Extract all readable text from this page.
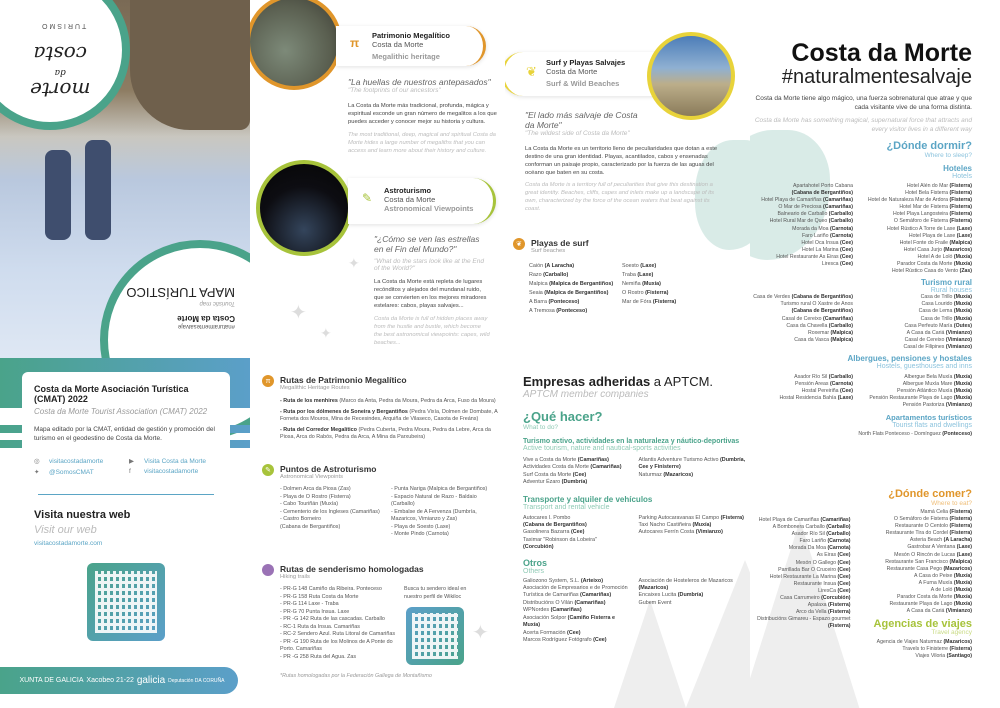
TURISMO
morte
da
costa
#naturalmentesalvaje
Costa da Morte
Touristic map
MAPA TURÍSTICO
Costa da Morte Asociación Turística (CMAT) 2022
Costa da Morte Tourist Association (CMAT) 2022

Mapa editado por la CMAT, entidad de gestión y promoción del turismo en el geodestino de Costa da Morte.

◎ visitacostadamorte	▶ Visita Costa da Morte
✦ @SomosCMAT	f visitacostadamorte
Visita nuestra web
Visit our web
visitacostadamorte.com
XUNTA DE GALICIA Xacobeo 21-22 galicia Deputación DA CORUÑA
π
Patrimonio Megalítico
Costa da Morte
Megalithic heritage
"La huellas de nuestros antepasados"
"The footprints of our ancestors"
La Costa da Morte más tradicional, profunda, mágica y espiritual esconde un gran número de megalitos a los que puedes acceder y conocer mejor su historia y cultura.
The most traditional, deep, magical and spiritual Costa da Morte hides a large number of megaliths that you can access and learn more about their history and culture.
✎
Astroturismo
Costa da Morte
Astronomical Viewpoints
"¿Cómo se ven las estrellas en el Fin del Mundo?"
"What do the stars look like at the End of the World?"
La Costa da Morte está repleta de lugares recónditos y alejados del mundanal ruido, que se convierten en los mejores miradores estelares: cabos, playas salvajes...
Costa da Morte is full of hidden places away from the hustle and bustle, which become the best astronomical viewpoints: capes, wild beaches...
✦
✦
✦
✦
π	Rutas de Patrimonio Megalítico
Megalithic Heritage Routes
- Ruta de los menhires (Marco da Anta, Pedra da Moura, Pedra da Arca, Fuso da Moura)
- Ruta por los dólmenes de Soneira y Bergantiños (Pedra Vixía, Dolmen de Dombate, A Forneta dos Mouros, Mina de Recesindes, Arquiña de Vilaseco, Casota de Freáns)
- Ruta del Corredor Megalítico (Pedra Cuberta, Pedra Moura, Pedra da Lebre, Arca da Piosa, Arca do Rabós, Pedra da Arca, A Mina da Parxubeira)
✎	Puntos de Astroturismo
Astronomical Viewpoints
- Dolmen Arca da Piosa (Zas)
- Playa de O Rostro (Fisterra)
- Cabo Touriñán (Muxía)
- Cementerio de los Ingleses (Camariñas)
- Castro Borneiro
(Cabana de Bergantiños)
- Punta Nariga (Malpica de Bergantiños)
- Espacio Natural de Razo - Baldaio (Carballo)
- Embalse de A Fervenza (Dumbría, Mazaricos, Vimianzo y Zas)
- Playa de Soesto (Laxe)
- Monte Pindo (Carnota)
Rutas de senderismo homologadas
Hiking trails
- PR-G 148 Camiño da Ribeira. Ponteceso
- PR-G 158 Ruta Costa da Morte
- PR-G 114 Laxe - Traba
- PR-G 70 Punta Insua. Laxe
- PR -G 142 Ruta de las cascadas. Carballo
- RC-1 Ruta da Insua. Camariñas
- RC-2 Sendero Azul. Ruta Litoral de Camariñas
- PR -G 190 Ruta de los Molinos de A Ponte do Porto. Camariñas
- PR -G 258 Ruta del Agua. Zas
Busca tu sendero ideal en nuestro perfil de Wikiloc
*Rutas homologadas por la Federación Gallega de Montañismo
❦
Surf y Playas Salvajes
Costa da Morte
Surf & Wild Beaches
"El lado más salvaje de Costa da Morte"
"The wildest side of Costa da Morte"
La Costa da Morte es un territorio lleno de peculiaridades que dotan a este destino de una gran identidad. Playas, acantilados, cabos y ensenadas conforman un paisaje propio, caracterizado por la fuerza de las aguas del océano que baten en su costa.
Costa da Morte is a territory full of peculiarities that give this destination a great identity. Beaches, cliffs, capes and inlets make up a landscape of its own, characterized by the force of the ocean waters that beat against its coast.
❦	Playas de surf
Surf beaches
Caión (A Laracha)
Razo (Carballo)
Malpica (Malpica de Bergantiños)
Seaia (Malpica de Bergantiños)
A Barra (Ponteceso)
A Tremosa (Ponteceso)
Soesto (Laxe)
Traba (Laxe)
Nemiña (Muxía)
O Rostro (Fisterra)
Mar de Fóra (Fisterra)
Empresas adheridas a APTCM.
APTCM member companies
¿Qué hacer?
What to do?
Turismo activo, actividades en la naturaleza y náutico-deportivas
Active tourism, nature and nautical-sports activities
Vive a Costa da Morte (Camariñas)
Actividades Costa da Morte (Camariñas)
Surf Costa da Morte (Cee)
Adventur Ézaro (Dumbría)
Atlantis Adventure Turismo Activo (Dumbría, Cee y Finisterre)
Naturmaz (Mazaricos)
Transporte y alquiler de vehículos
Transport and rental vehicle
Autocares I. Pombo
(Cabana de Bergantiños)
Gasolinera Bazarra (Cee)
Taximar "Robinson da Lobeira"
(Corcubión)
Parking Autocaravanas El Campo (Fisterra)
Taxi Nacho Castiñeira (Muxía)
Autocares Ferrín Costa (Vimianzo)
Otros
Others
Galiozono System, S.L. (Arteixo)
Asociación de Empresarios e de Promoción Turística de Camariñas (Camariñas)
Distribucións O Vilán (Camariñas)
WPNordes (Camariñas)
Asociación Solpor (Camiño Fisterra e Muxía)
Acerta Formación (Cee)
Marcos Rodríguez Fotógrafo (Cee)
Asociación de Hosteleros de Mazaricos
(Mazaricos)
Encaixes Lucita (Dumbría)
Gubem Event
Costa da Morte
#naturalmentesalvaje
Costa da Morte tiene algo mágico, una fuerza sobrenatural que atrae y que cada visitante vive de una forma distinta.
Costa da Morte has something magical, supernatural force that attracts and every visitor lives in a different way
¿Dónde dormir?
Where to sleep?
Hoteles
Hotels
Apartahotel Porto Cabana
(Cabana de Bergantiños)
Hotel Playa de Camariñas (Camariñas)
O Mar de Preciosa (Camariñas)
Balneario de Carballo (Carballo)
Hotel Rural Mar de Queo (Carballo)
Morada da Moa (Carnota)
Faro Lariño (Carnota)
Hotel Oca Insua (Cee)
Hotel La Marina (Cee)
Hotel Restaurante As Eiras (Cee)
Liresca (Cee)
Hotel Alén do Mar (Fisterra)
Hotel Bela Fisterra (Fisterra)
Hotel de Naturaleza Mar de Ardora (Fisterra)
Hotel Mar de Fisterra (Fisterra)
Hotel Playa Langosteira (Fisterra)
O Semáforo de Fisterra (Fisterra)
Hotel Rústico A Torre de Laxe (Laxe)
Hotel Playa de Laxe (Laxe)
Hotel Fonte do Fraile (Malpica)
Hotel Casa Jurjo (Mazaricos)
Hotel A de Loló (Muxía)
Parador Costa da Morte (Muxía)
Hotel Rústico Casa do Vento (Zas)
Turismo rural
Rural houses
Casa de Verdes (Cabana de Bergantiños)
Turismo rural O Xastre de Anos
(Cabana de Bergantiños)
Casal de Cereixo (Camariñas)
Casa da Chavella (Carballo)
Roxemar (Malpica)
Casa da Vasca (Malpica)
Casa de Trillo (Muxía)
Casa Lourido (Muxía)
Casa de Lema (Muxía)
Casa de Trillo (Muxía)
Casa Perfeuto María (Outes)
A Casa da Cariá (Vimianzo)
Casal de Cereixo (Vimianzo)
Casal de Filipines (Vimianzo)
Albergues, pensiones y hostales
Hostels, guesthouses and inns
Asador Río Sil (Carballo)
Pensión Areas (Carnota)
Hostal Pereiriña (Cee)
Hostal Residencia Bahía (Laxe)
Albergue Bela Muxía (Muxía)
Albergue Muxía Mare (Muxía)
Pensión Atlántico Muxía (Muxía)
Pensión Restaurante Playa de Lago (Muxía)
Pensión Pastoriza (Vimianzo)
Apartamentos turísticos
Tourist flats and dwellings
North Flats Ponteceso - Domínguez (Ponteceso)
¿Dónde comer?
Where to eat?
Hotel Playa de Camariñas (Camariñas)
A Bombonera Carballo (Carballo)
Asador Río Sil (Carballo)
Faro Lariño (Carnota)
Morada Da Moa (Carnota)
As Eiras (Cee)
Mesón O Gallego (Cee)
Parrillada Bar O Cruceiro (Cee)
Hotel Restaurante La Marina (Cee)
Restaurante Insua (Cee)
LiresCa (Cee)
Casa Carrumeiro (Corcubión)
Apalaxa (Fisterra)
Arco da Vella (Fisterra)
Distribucións Gimareu - Espazo gourmet
(Fisterra)
Mamá Celia (Fisterra)
O Semáforo de Fisterra (Fisterra)
Restaurante O Centolo (Fisterra)
Restaurante Tira do Cordel (Fisterra)
Asteria Beach (A Laracha)
Gastrobar A Ventana (Laxe)
Mesón O Rincón de Lucas (Laxe)
Restaurante San Francisco (Malpica)
Restaurante Casa Pego (Mazaricos)
A Casa do Peixe (Muxía)
A Furna Muxía (Muxía)
A de Loló (Muxía)
Parador Costa da Morte (Muxía)
Restaurante Playa de Lago (Muxía)
A Casa da Cariá (Vimianzo)
Agencias de viajes
Travel agency
Agencia de Viajes Naturmaz (Mazaricos)
Travels to Finisterre (Fisterra)
Viajes Viloria (Santiago)
